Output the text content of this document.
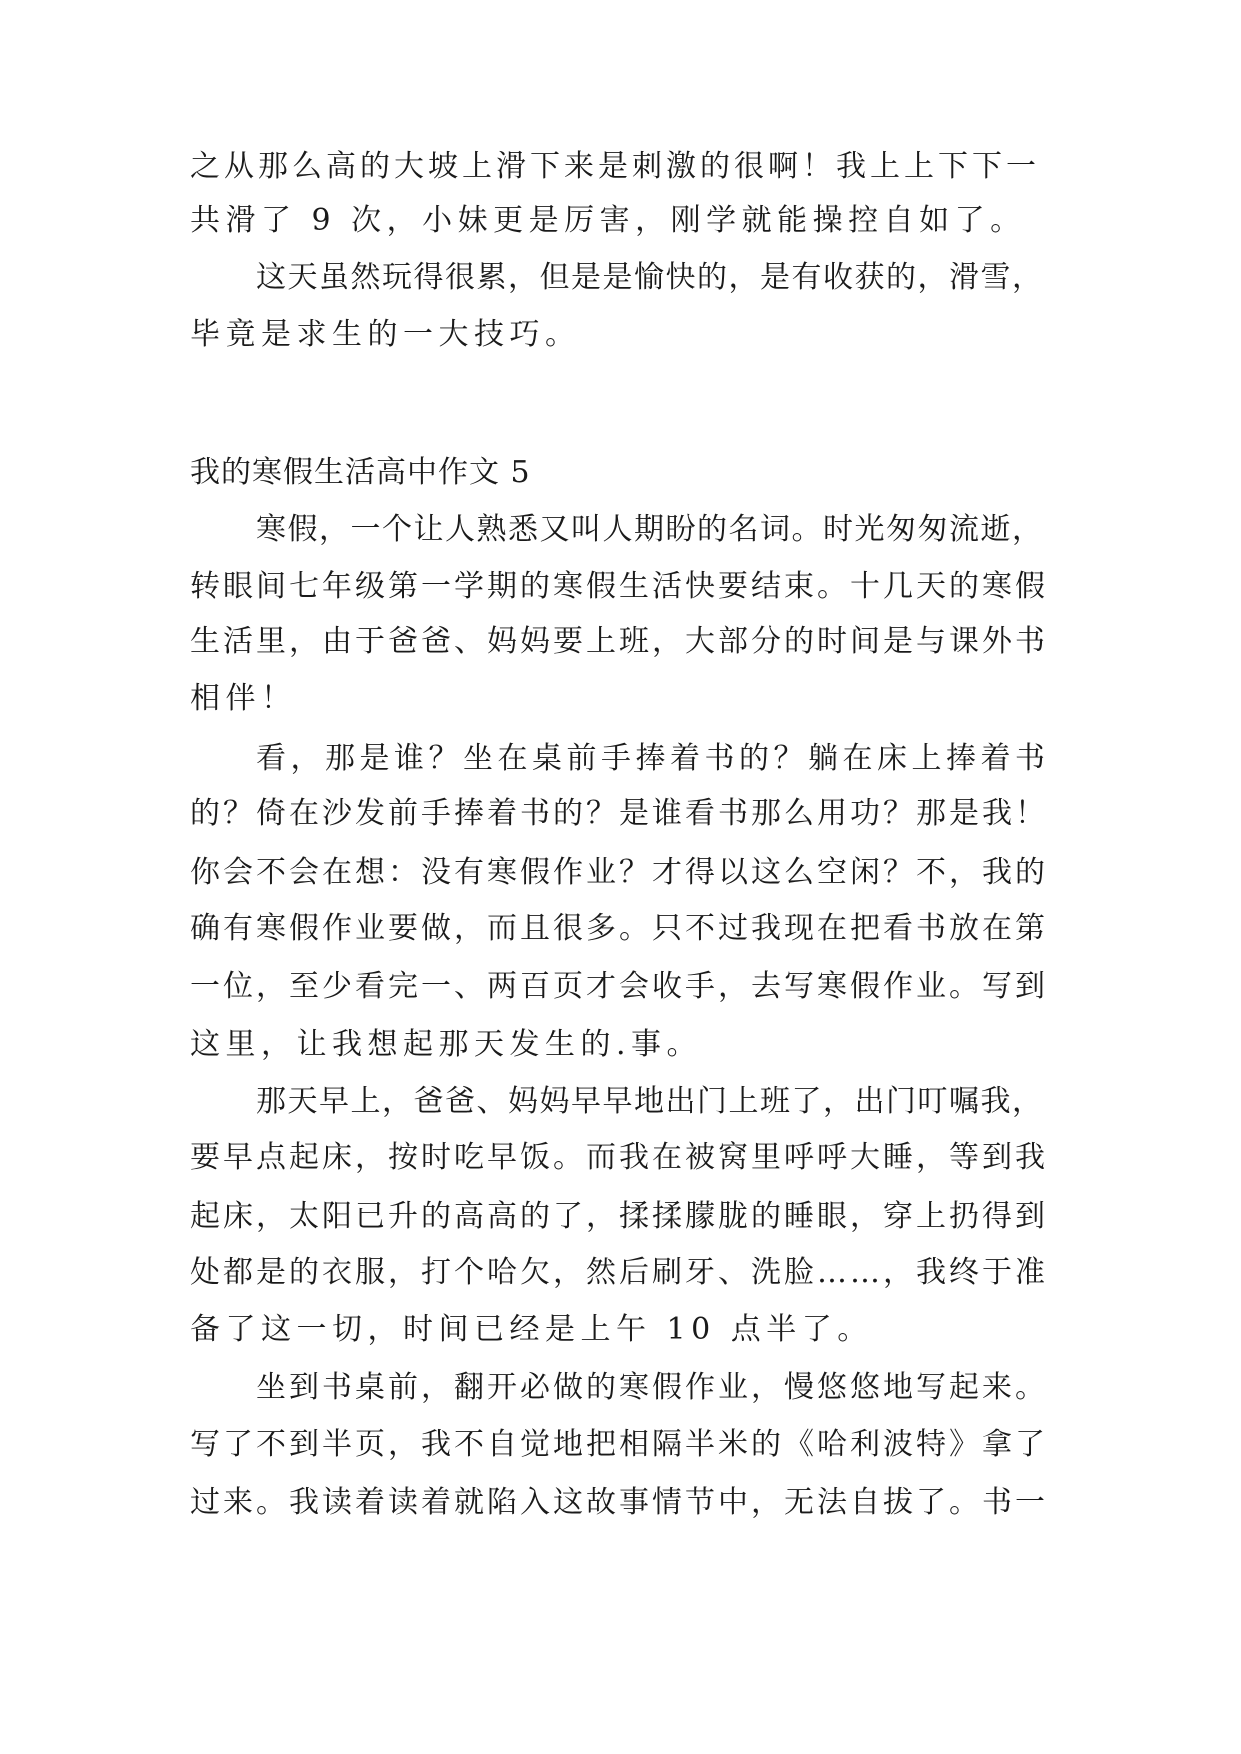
之从那么高的大坡上滑下来是刺激的很啊！我上上下下一

共滑了 9 次，小妹更是厉害，刚学就能操控自如了。

这天虽然玩得很累，但是是愉快的，是有收获的，滑雪，

毕竟是求生的一大技巧。

我的寒假生活高中作文 5

寒假，一个让人熟悉又叫人期盼的名词。时光匆匆流逝，

转眼间七年级第一学期的寒假生活快要结束。十几天的寒假

生活里，由于爸爸、妈妈要上班，大部分的时间是与课外书

相伴！

看，那是谁？坐在桌前手捧着书的？躺在床上捧着书

的？倚在沙发前手捧着书的？是谁看书那么用功？那是我！

你会不会在想：没有寒假作业？才得以这么空闲？不，我的

确有寒假作业要做，而且很多。只不过我现在把看书放在第

一位，至少看完一、两百页才会收手，去写寒假作业。写到

这里，让我想起那天发生的.事。

那天早上，爸爸、妈妈早早地出门上班了，出门叮嘱我，

要早点起床，按时吃早饭。而我在被窝里呼呼大睡，等到我

起床，太阳已升的高高的了，揉揉朦胧的睡眼，穿上扔得到

处都是的衣服，打个哈欠，然后刷牙、洗脸……，我终于准

备了这一切，时间已经是上午 10 点半了。

坐到书桌前，翻开必做的寒假作业，慢悠悠地写起来。

写了不到半页，我不自觉地把相隔半米的《哈利波特》拿了

过来。我读着读着就陷入这故事情节中，无法自拔了。书一
